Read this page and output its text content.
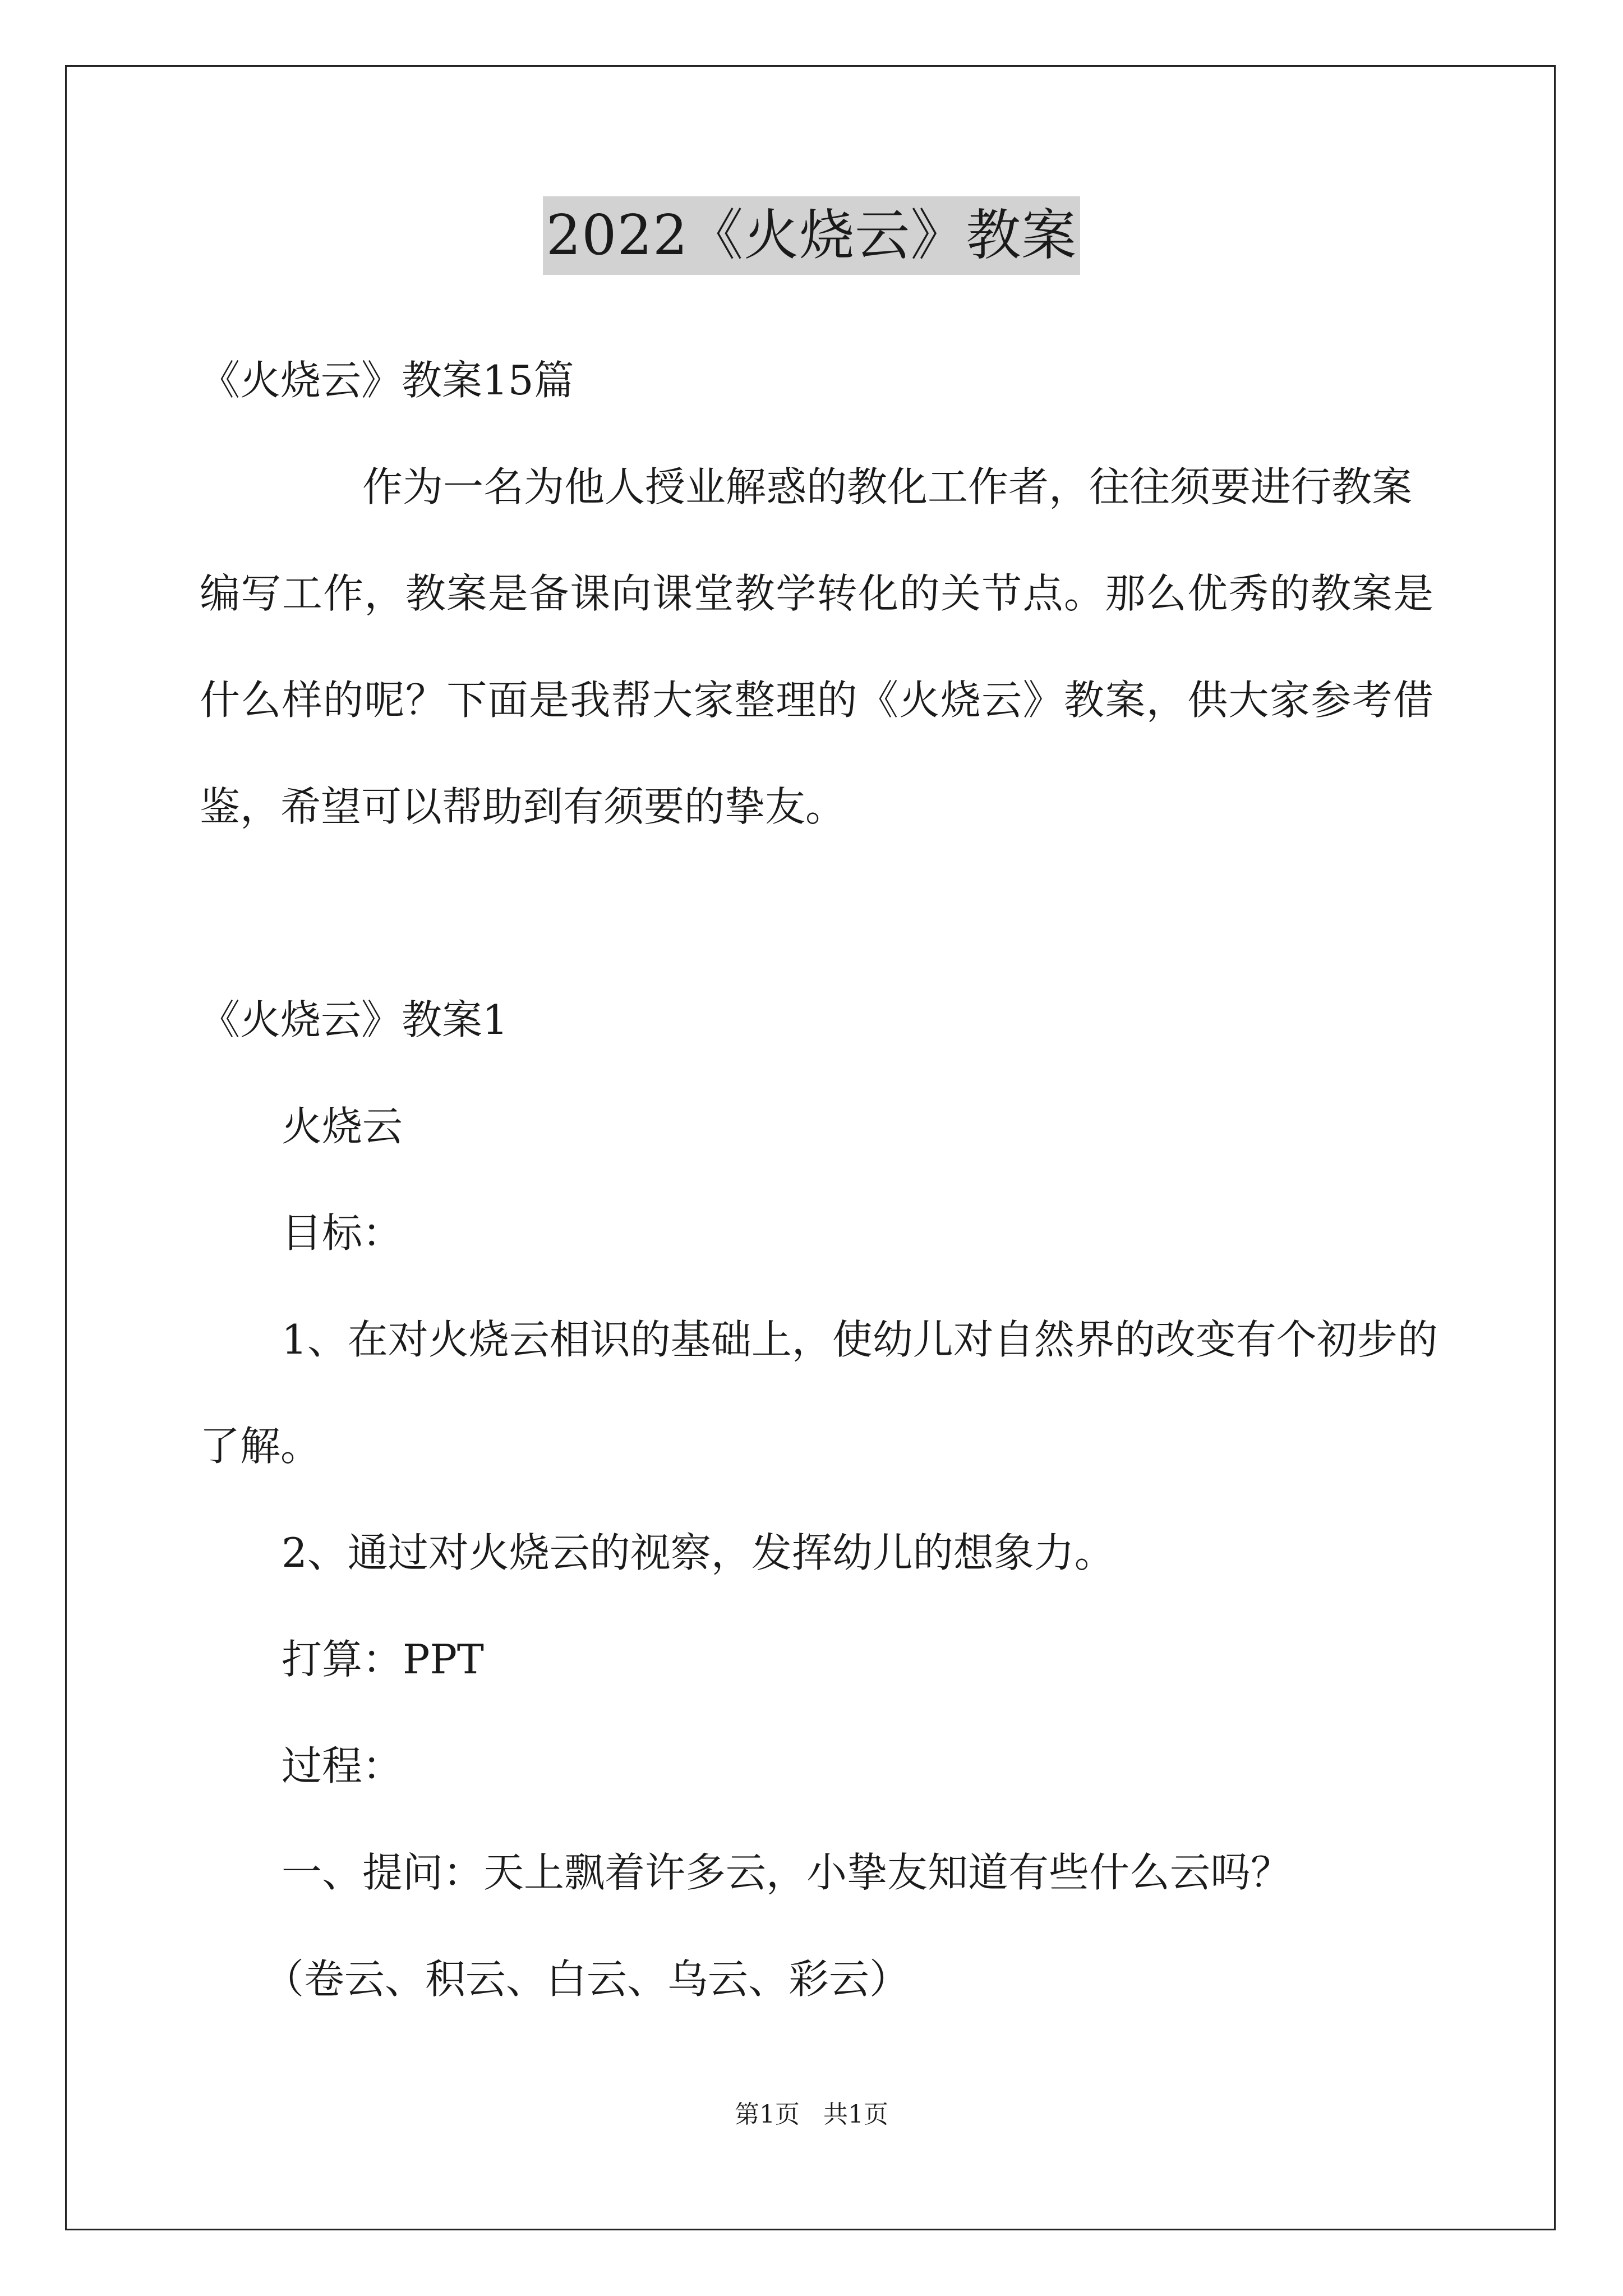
2022《火烧云》教案
《火烧云》教案15篇
作为一名为他人授业解惑的教化工作者，往往须要进行教案
编写工作，教案是备课向课堂教学转化的关节点。那么优秀的教案是
什么样的呢？下面是我帮大家整理的《火烧云》教案，供大家参考借
鉴，希望可以帮助到有须要的挚友。
《火烧云》教案1
火烧云
目标：
1、在对火烧云相识的基础上，使幼儿对自然界的改变有个初步的
了解。
2、通过对火烧云的视察，发挥幼儿的想象力。
打算：PPT
过程：
一、提问：天上飘着许多云，小挚友知道有些什么云吗？
（卷云、积云、白云、乌云、彩云）
第1页   共1页
